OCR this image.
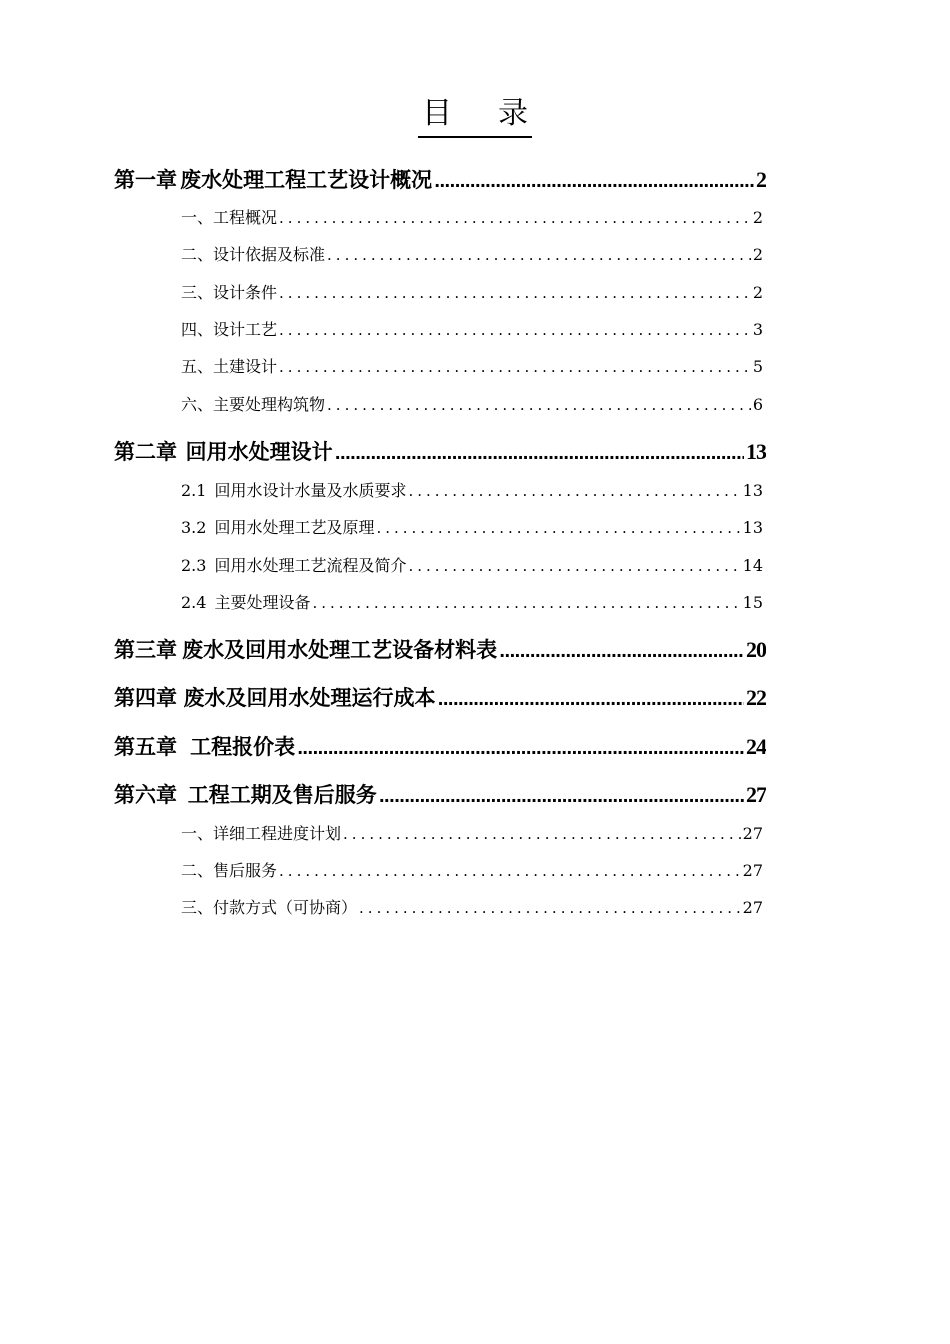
目 录
第一章 废水处理工程工艺设计概况 .....	2
一、 工程概况 .....	2
二、 设计依据及标准 .....	2
三、 设计条件 .....	2
四、 设计工艺 .....	3
五、 土建设计 .....	5
六、 主要处理构筑物 .....	6
第二章 回用水处理设计 .....	13
2.1 回用水设计水量及水质要求 .....	13
3.2 回用水处理工艺及原理 .....	13
2.3 回用水处理工艺流程及简介 .....	14
2.4 主要处理设备 .....	15
第三章 废水及回用水处理工艺设备材料表 .....	20
第四章 废水及回用水处理运行成本 .....	22
第五章 工程报价表 .....	24
第六章 工程工期及售后服务 .....	27
一、 详细工程进度计划 .....	27
二、 售后服务 .....	27
三、 付款方式（可协商） .....	27
